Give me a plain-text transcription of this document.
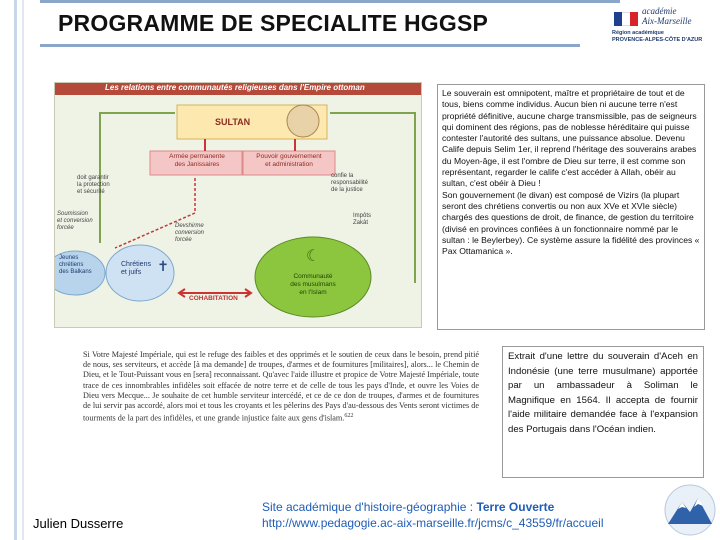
PROGRAMME DE SPECIALITE HGGSP	académie
Aix-Marseille
Région académique
PROVENCE-ALPES-CÔTE D'AZUR
Les relations entre communautés religieuses dans l'Empire ottoman
☾
✝
SULTAN
Armée permanente
des Janissaires
Pouvoir gouvernement
et administration
doit garantir
la protection
et sécurité
confie la
responsabilité
de la justice
Soumission
et conversion
forcée
Impôts
Zakât
Devshirme
conversion
forcée
Jeunes
chrétiens
des Balkans
Chrétiens
et juifs
Communauté
des musulmans
en l'Islam
COHABITATION

Le souverain est omnipotent, maître et propriétaire de tout et de tous, biens comme individus. Aucun bien ni aucune terre n'est propriété définitive, aucune charge transmissible, pas de seigneurs qui dominent des régions, pas de noblesse héréditaire qui puisse contester l'autorité des sultans, une puissance absolue. Devenu Calife depuis Selim 1er, il reprend l'héritage des souverains arabes du Moyen-âge, il est l'ombre de Dieu sur terre, il est comme son représentant, regarder le calife c'est accéder à Allah, obéir au sultan, c'est obéir à Dieu !

Son gouvernement (le divan) est composé de Vizirs (la plupart seront des chrétiens convertis ou non aux XVe et XVIe siècle) chargés des questions de droit, de finance, de gestion du territoire (divisé en provinces confiées à un fonctionnaire nommé par le sultan : le Beylerbey). Ce système assure la fidélité des provinces « Pax Ottamanica ».

Si Votre Majesté Impériale, qui est le refuge des faibles et des opprimés et le soutien de ceux dans le besoin, prend pitié de nous, ses serviteurs, et accède [à ma demande] de troupes, d'armes et de fournitures [militaires], alors... le Chemin de Dieu, et le Tout-Puissant vous en [sera] reconnaissant. Qu'avec l'aide illustre et propice de Votre Majesté Impériale, toute trace de ces innombrables infidèles soit effacée de notre terre et de celle de tous les pays d'Inde, et ouvre les Voies de Dieu vers Mecque... Je souhaite de cet humble serviteur intercédé, et ce de ce don de troupes, d'armes et de fournitures de lui servir pas accordé, alors moi et tous les croyants et les pèlerins des Pays d'au-dessous des Vents seront victimes de tourments de la part des infidèles, et une grande injustice faite aux gens d'islam.$^{622}$
Extrait d'une lettre du souverain d'Aceh en Indonésie (une terre musulmane) apportée par un ambassadeur à Soliman le Magnifique en 1564. Il accepta de fournir l'aide militaire demandée face à l'expansion des Portugais dans l'Océan indien.
Julien Dusserre
Site académique d'histoire-géographie : Terre Ouverte
http://www.pedagogie.ac-aix-marseille.fr/jcms/c_43559/fr/accueil
